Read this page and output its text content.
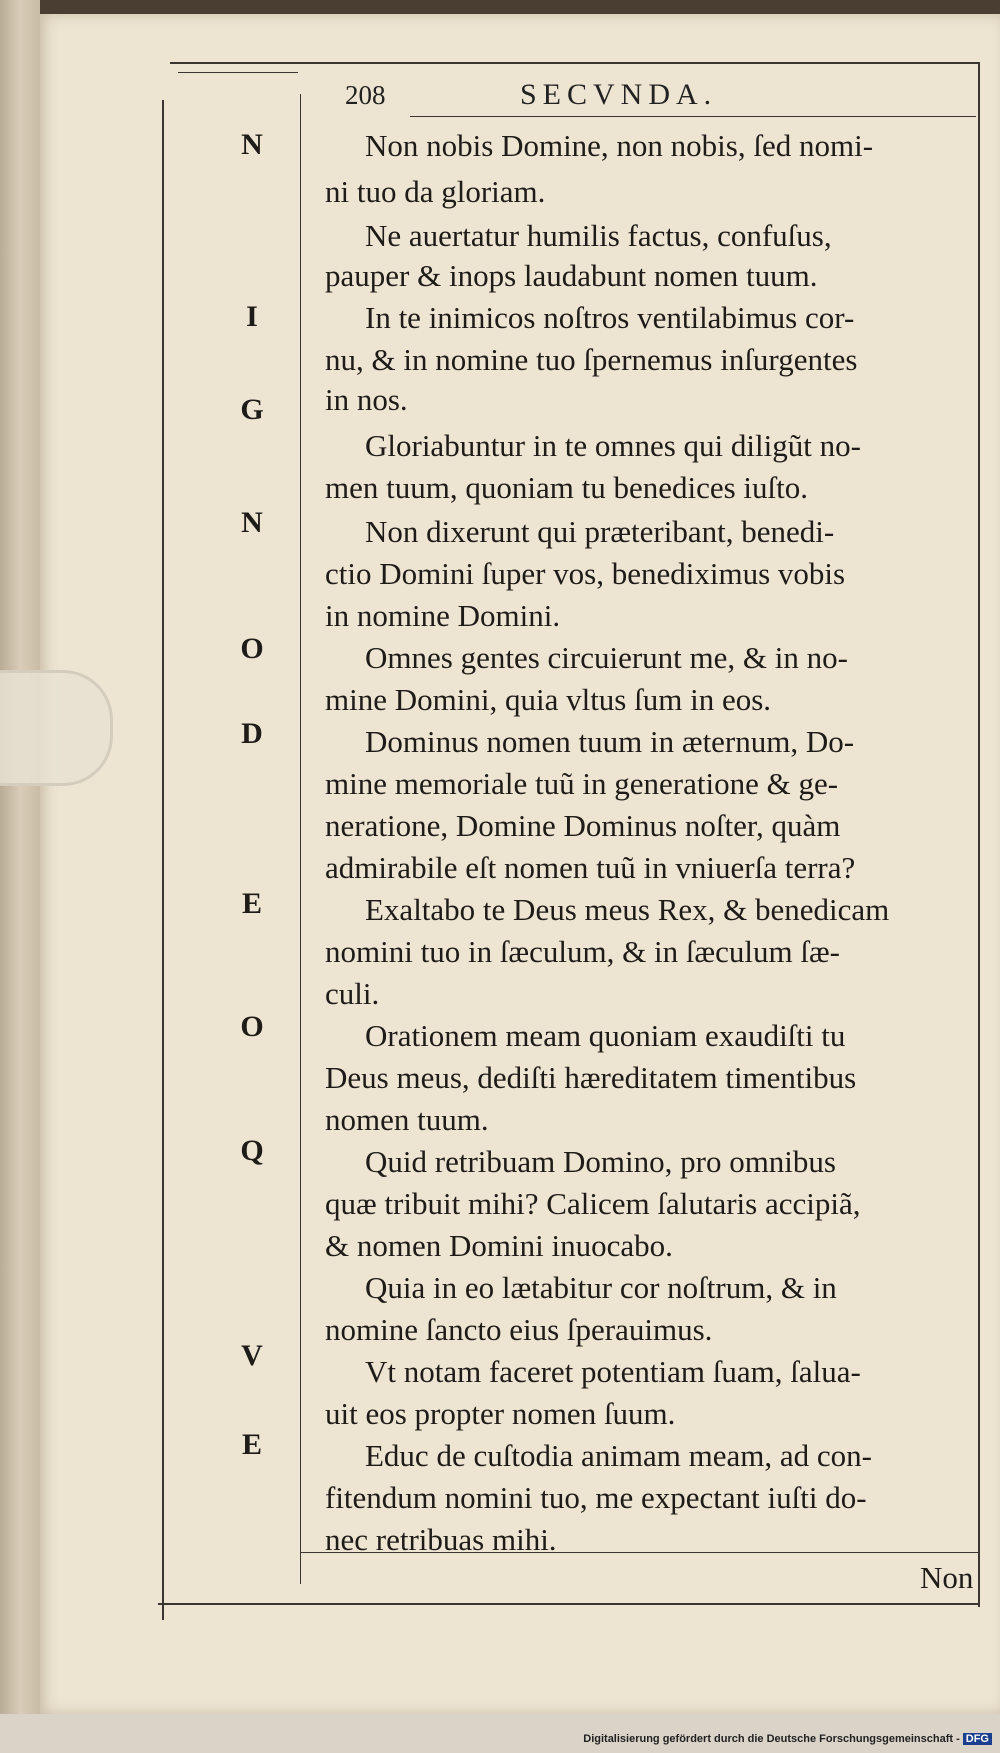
208	SECVNDA.
N
I
G
N
O
D
E
O
Q
V
E
Non nobis Domine, non nobis, ſed nomi-
ni tuo da gloriam.
Ne auertatur humilis factus, confuſus,
pauper & inops laudabunt nomen tuum.
In te inimicos noſtros ventilabimus cor-
nu, & in nomine tuo ſpernemus inſurgentes
in nos.
Gloriabuntur in te omnes qui diligũt no-
men tuum, quoniam tu benedices iuſto.
Non dixerunt qui præteribant, benedi-
ctio Domini ſuper vos, benediximus vobis
in nomine Domini.
Omnes gentes circuierunt me, & in no-
mine Domini, quia vltus ſum in eos.
Dominus nomen tuum in æternum, Do-
mine memoriale tuũ in generatione & ge-
neratione, Domine Dominus noſter, quàm
admirabile eſt nomen tuũ in vniuerſa terra?
Exaltabo te Deus meus Rex, & benedicam
nomini tuo in ſæculum, & in ſæculum ſæ-
culi.
Orationem meam quoniam exaudiſti tu
Deus meus, dediſti hæreditatem timentibus
nomen tuum.
Quid retribuam Domino, pro omnibus
quæ tribuit mihi? Calicem ſalutaris accipiã,
& nomen Domini inuocabo.
Quia in eo lætabitur cor noſtrum, & in
nomine ſancto eius ſperauimus.
Vt notam faceret potentiam ſuam, ſalua-
uit eos propter nomen ſuum.
Educ de cuſtodia animam meam, ad con-
fitendum nomini tuo, me expectant iuſti do-
nec retribuas mihi.
Non
Digitalisierung gefördert durch die Deutsche Forschungsgemeinschaft - DFG
